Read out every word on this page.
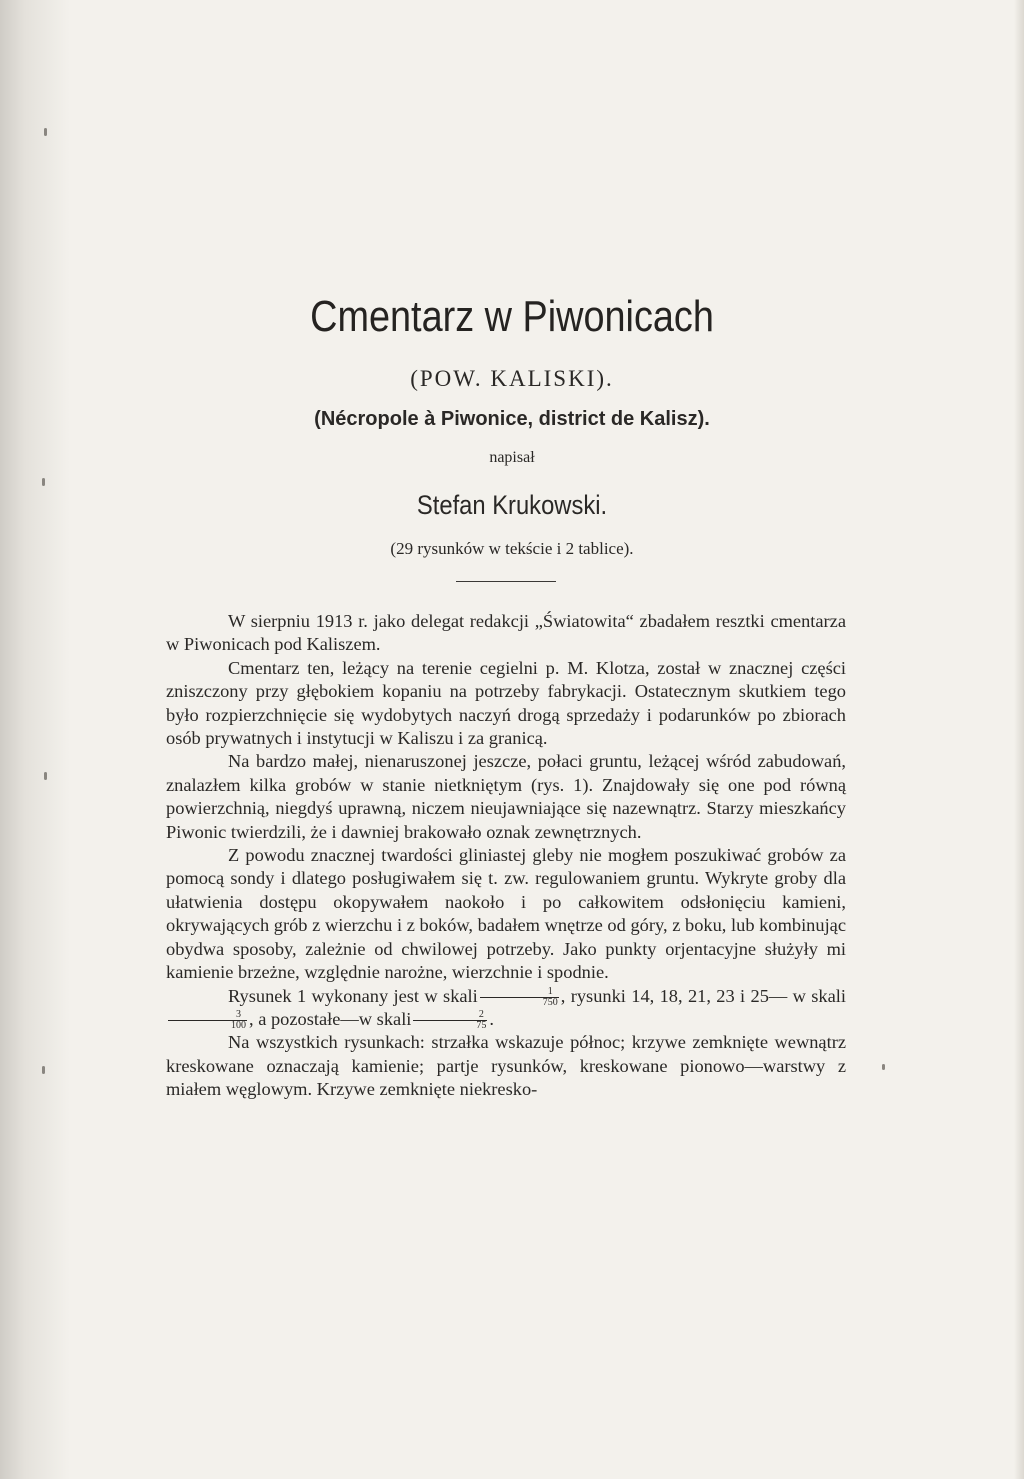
Cmentarz w Piwonicach
(POW. KALISKI).
(Nécropole à Piwonice, district de Kalisz).
napisał
Stefan Krukowski.
(29 rysunków w tekście i 2 tablice).

W sierpniu 1913 r. jako delegat redakcji „Światowita“ zbadałem resztki cmentarza w Piwonicach pod Kaliszem.

Cmentarz ten, leżący na terenie cegielni p. M. Klotza, został w znacznej części zniszczony przy głębokiem kopaniu na potrzeby fabrykacji. Ostatecznym skutkiem tego było rozpierzchnięcie się wydobytych naczyń drogą sprzedaży i podarunków po zbiorach osób prywatnych i instytucji w Kaliszu i za granicą.

Na bardzo małej, nienaruszonej jeszcze, połaci gruntu, leżącej wśród zabudowań, znalazłem kilka grobów w stanie nietkniętym (rys. 1). Znajdowały się one pod równą powierzchnią, niegdyś uprawną, niczem nieujawniające się nazewnątrz. Starzy mieszkańcy Piwonic twierdzili, że i dawniej brakowało oznak zewnętrznych.

Z powodu znacznej twardości gliniastej gleby nie mogłem poszukiwać grobów za pomocą sondy i dlatego posługiwałem się t. zw. regulowaniem gruntu. Wykryte groby dla ułatwienia dostępu okopywałem naokoło i po całkowitem odsłonięciu kamieni, okrywających grób z wierzchu i z boków, badałem wnętrze od góry, z boku, lub kombinując obydwa sposoby, zależnie od chwilowej potrzeby. Jako punkty orjentacyjne służyły mi kamienie brzeżne, względnie narożne, wierzchnie i spodnie.

Rysunek 1 wykonany jest w skali $\frac{1}{750}$ , rysunki 14, 18, 21, 23 i 25— w skali
$\frac{3}{100}$ , a pozostałe—w skali $\frac{2}{75}$ .

Na wszystkich rysunkach: strzałka wskazuje północ; krzywe zemknięte wewnątrz kreskowane oznaczają kamienie; partje rysunków, kreskowane pionowo—warstwy z miałem węglowym. Krzywe zemknięte niekresko-
